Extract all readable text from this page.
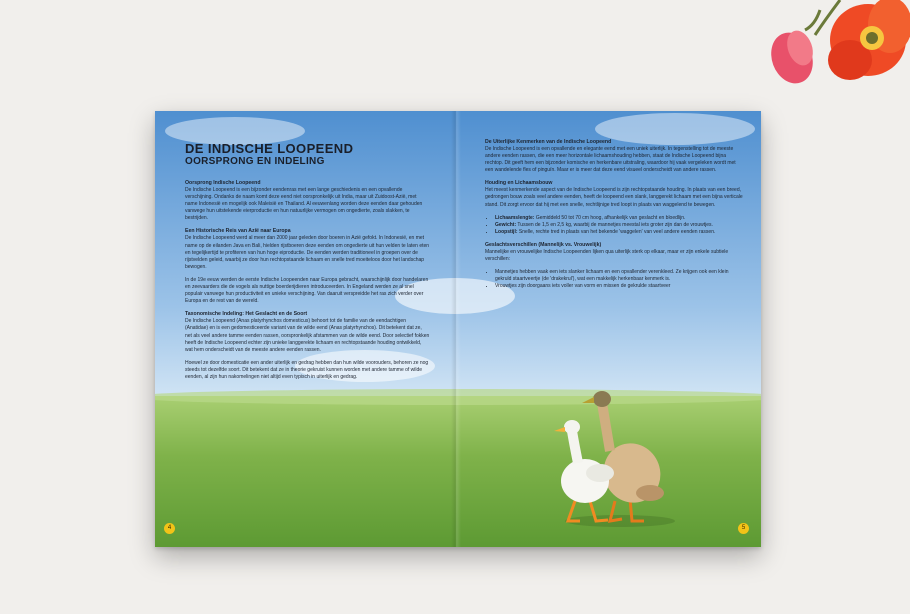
DE INDISCHE LOOPEEND
OORSPRONG EN INDELING
Oorsprong Indische Loopeend

De Indische Loopeend is een bijzonder eendenras met een lange geschiedenis en een opvallende verschijning. Ondanks de naam komt deze eend niet oorspronkelijk uit India, maar uit Zuidoost-Azië, met name Indonesië en mogelijk ook Maleisië en Thailand. Al eeuwenlang worden deze eenden daar gehouden vanwege hun uitstekende eierproductie en hun natuurlijke vermogen om ongedierte, zoals slakken, te bestrijden.

Een Historische Reis van Azië naar Europa

De Indische Loopeend werd al meer dan 2000 jaar geleden door boeren in Azië gefokt. In Indonesië, en met name op de eilanden Java en Bali, hielden rijstboeren deze eenden om ongedierte uit hun velden te laten eten en tegelijkertijd te profiteren van hun hoge eiproductie. De eenden werden traditioneel in groepen over de rijstvelden geleid, waarbij ze door hun rechtopstaande lichaam en snelle tred moeiteloos door het landschap bewogen.

In de 19e eeuw werden de eerste Indische Loopeenden naar Europa gebracht, waarschijnlijk door handelaren en zeevaarders die de vogels als nuttige boerderijdieren introduceerden. In Engeland werden ze al snel populair vanwege hun productiviteit en unieke verschijning. Van daaruit verspreidde het ras zich verder over Europa en de rest van de wereld.

Taxonomische Indeling: Het Geslacht en de Soort

De Indische Loopeend (Anas platyrhynchos domesticus) behoort tot de familie van de eendachtigen (Anatidae) en is een gedomesticeerde variant van de wilde eend (Anas platyrhynchos). Dit betekent dat ze, net als veel andere tamme eenden rassen, oorspronkelijk afstammen van de wilde eend. Door selectief fokken heeft de Indische Loopeend echter zijn unieke langgerekte lichaam en rechtopstaande houding ontwikkeld, wat hem onderscheidt van de meeste andere eenden rassen.

Hoewel ze door domesticatie een ander uiterlijk en gedrag hebben dan hun wilde voorouders, behoren ze nog steeds tot dezelfde soort. Dit betekent dat ze in theorie gekruist kunnen worden met andere tamme of wilde eenden, al zijn hun nakomelingen niet altijd even typisch in uiterlijk en gedrag.

4
De Uiterlijke Kenmerken van de Indische Loopeend

De Indische Loopeend is een opvallende en elegante eend met een uniek uiterlijk. In tegenstelling tot de meeste andere eenden rassen, die een meer horizontale lichaamshouding hebben, staat de Indische Loopeend bijna rechtop. Dit geeft hem een bijzonder komische en herkenbare uitstraling, waardoor hij vaak vergeleken wordt met een wandelende fles of pinguïn. Maar er is meer dat deze eend visueel onderscheidt van andere rassen.

Houding en Lichaamsbouw

Het meest kenmerkende aspect van de Indische Loopeend is zijn rechtopstaande houding. In plaats van een breed, gedrongen bouw zoals veel andere eenden, heeft de loopeend een slank, langgerekt lichaam met een bijna verticale stand. Dit zorgt ervoor dat hij met een snelle, rechtlijnige tred loopt in plaats van waggelend te bewegen.

• Lichaamslengte: Gemiddeld 50 tot 70 cm hoog, afhankelijk van geslacht en bloedlijn.
• Gewicht: Tussen de 1,5 en 2,5 kg, waarbij de mannetjes meestal iets groter zijn dan de vrouwtjes.
• Loopstijl: Snelle, rechte tred in plaats van het bekende 'waggelen' van veel andere eenden rassen.
Geslachtsverschillen (Mannelijk vs. Vrouwelijk)

Mannelijke en vrouwelijke Indische Loopeenden lijken qua uiterlijk sterk op elkaar, maar er zijn enkele subtiele verschillen:

• Mannetjes hebben vaak een iets slanker lichaam en een opvallender verenkleed. Ze krijgen ook een klein gekruld staartveertje (de 'drakekrul'), wat een makkelijk herkenbaar kenmerk is.
• Vrouwtjes zijn doorgaans iets voller van vorm en missen de gekrulde staartveer
5
